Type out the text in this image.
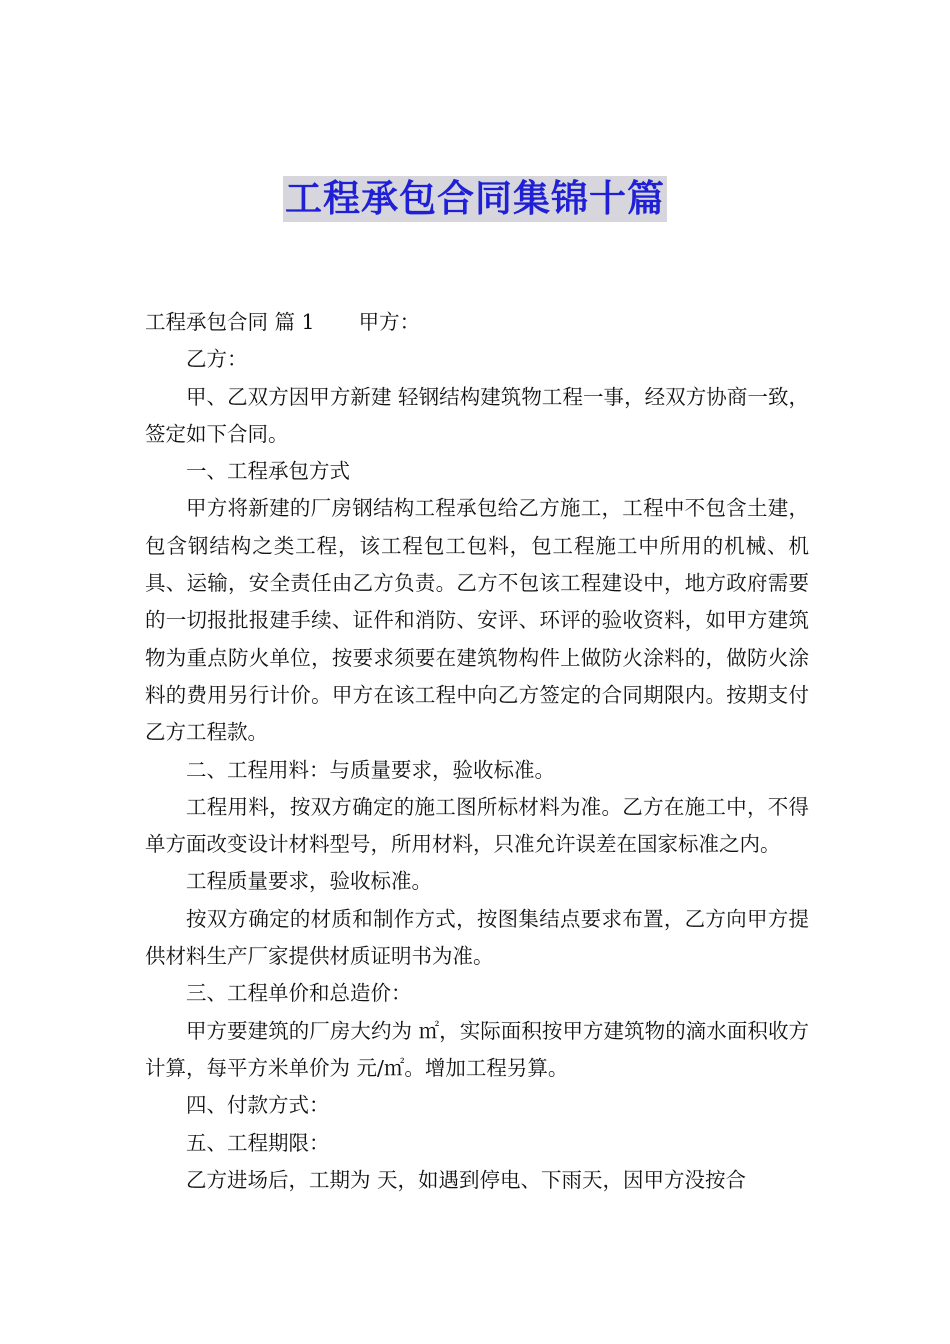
工程承包合同集锦十篇

工程承包合同 篇 1 甲方：

乙方：

甲、乙双方因甲方新建 轻钢结构建筑物工程一事，经双方协商一致，签定如下合同。

一、工程承包方式

甲方将新建的厂房钢结构工程承包给乙方施工，工程中不包含土建，包含钢结构之类工程，该工程包工包料，包工程施工中所用的机械、机具、运输，安全责任由乙方负责。乙方不包该工程建设中，地方政府需要的一切报批报建手续、证件和消防、安评、环评的验收资料，如甲方建筑物为重点防火单位，按要求须要在建筑物构件上做防火涂料的，做防火涂料的费用另行计价。甲方在该工程中向乙方签定的合同期限内。按期支付乙方工程款。

二、工程用料：与质量要求，验收标准。

工程用料，按双方确定的施工图所标材料为准。乙方在施工中，不得单方面改变设计材料型号，所用材料，只准允许误差在国家标准之内。

工程质量要求，验收标准。

按双方确定的材质和制作方式，按图集结点要求布置，乙方向甲方提供材料生产厂家提供材质证明书为准。

三、工程单价和总造价：

甲方要建筑的厂房大约为 ㎡，实际面积按甲方建筑物的滴水面积收方计算，每平方米单价为 元/㎡。增加工程另算。

四、付款方式：

五、工程期限：

乙方进场后，工期为 天，如遇到停电、下雨天，因甲方没按合
